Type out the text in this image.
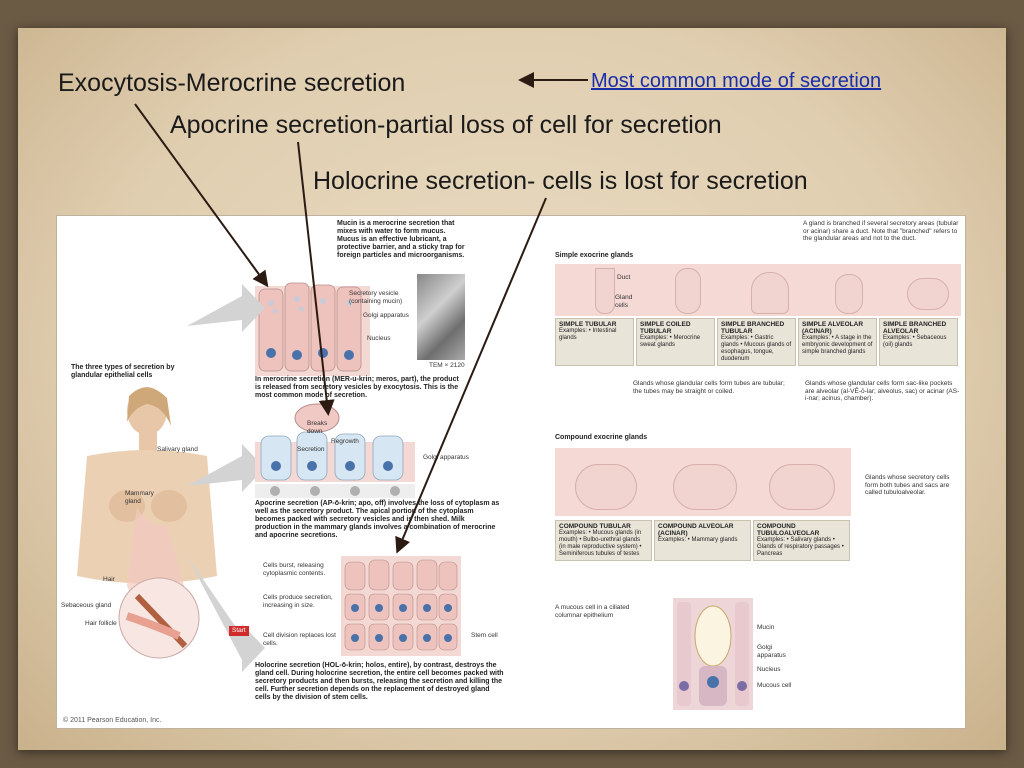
Exocytosis-Merocrine secretion	Most common mode of secretion
Apocrine secretion-partial loss of cell for secretion
Holocrine secretion- cells is lost for secretion
TEM × 2120
Mucin is a merocrine secretion that mixes with water to form mucus. Mucus is an effective lubricant, a protective barrier, and a sticky trap for foreign particles and microorganisms.
Secretory vesicle (containing mucin)
Golgi apparatus
Nucleus
In merocrine secretion (MER-u-krin; meros, part), the product is released from secretory vesicles by exocytosis. This is the most common mode of secretion.
The three types of secretion by glandular epithelial cells
Salivary gland
Mammary gland
Hair
Sebaceous gland
Hair follicle
Breaks down
Regrowth
Secretion
Golgi apparatus
Apocrine secretion (AP-ō-krin; apo, off) involves the loss of cytoplasm as well as the secretory product. The apical portion of the cytoplasm becomes packed with secretory vesicles and is then shed. Milk production in the mammary glands involves a combination of merocrine and apocrine secretions.
Cells burst, releasing cytoplasmic contents.
Cells produce secretion, increasing in size.
Cell division replaces lost cells.
Stem cell
Start
Holocrine secretion (HOL-ō-krin; holos, entire), by contrast, destroys the gland cell. During holocrine secretion, the entire cell becomes packed with secretory products and then bursts, releasing the secretion and killing the cell. Further secretion depends on the replacement of destroyed gland cells by the division of stem cells.
© 2011 Pearson Education, Inc.
A gland is branched if several secretory areas (tubular or acinar) share a duct. Note that "branched" refers to the glandular areas and not to the duct.
Simple exocrine glands
Duct
Gland cells
SIMPLE TUBULAR
Examples: • Intestinal glands
SIMPLE COILED TUBULAR
Examples: • Merocrine sweat glands
SIMPLE BRANCHED TUBULAR
Examples: • Gastric glands • Mucous glands of esophagus, tongue, duodenum
SIMPLE ALVEOLAR (ACINAR)
Examples: • A stage in the embryonic development of simple branched glands
SIMPLE BRANCHED ALVEOLAR
Examples: • Sebaceous (oil) glands
Glands whose glandular cells form tubes are tubular; the tubes may be straight or coiled.
Glands whose glandular cells form sac-like pockets are alveolar (al-VĒ-ō-lar; alveolus, sac) or acinar (AS-i-nar; acinus, chamber).
Compound exocrine glands
Glands whose secretory cells form both tubes and sacs are called tubuloalveolar.
COMPOUND TUBULAR
Examples: • Mucous glands (in mouth) • Bulbo-urethral glands (in male reproductive system) • Seminiferous tubules of testes
COMPOUND ALVEOLAR (ACINAR)
Examples: • Mammary glands
COMPOUND TUBULOALVEOLAR
Examples: • Salivary glands • Glands of respiratory passages • Pancreas
A mucous cell in a ciliated columnar epithelium
Mucin
Golgi apparatus
Nucleus
Mucous cell
